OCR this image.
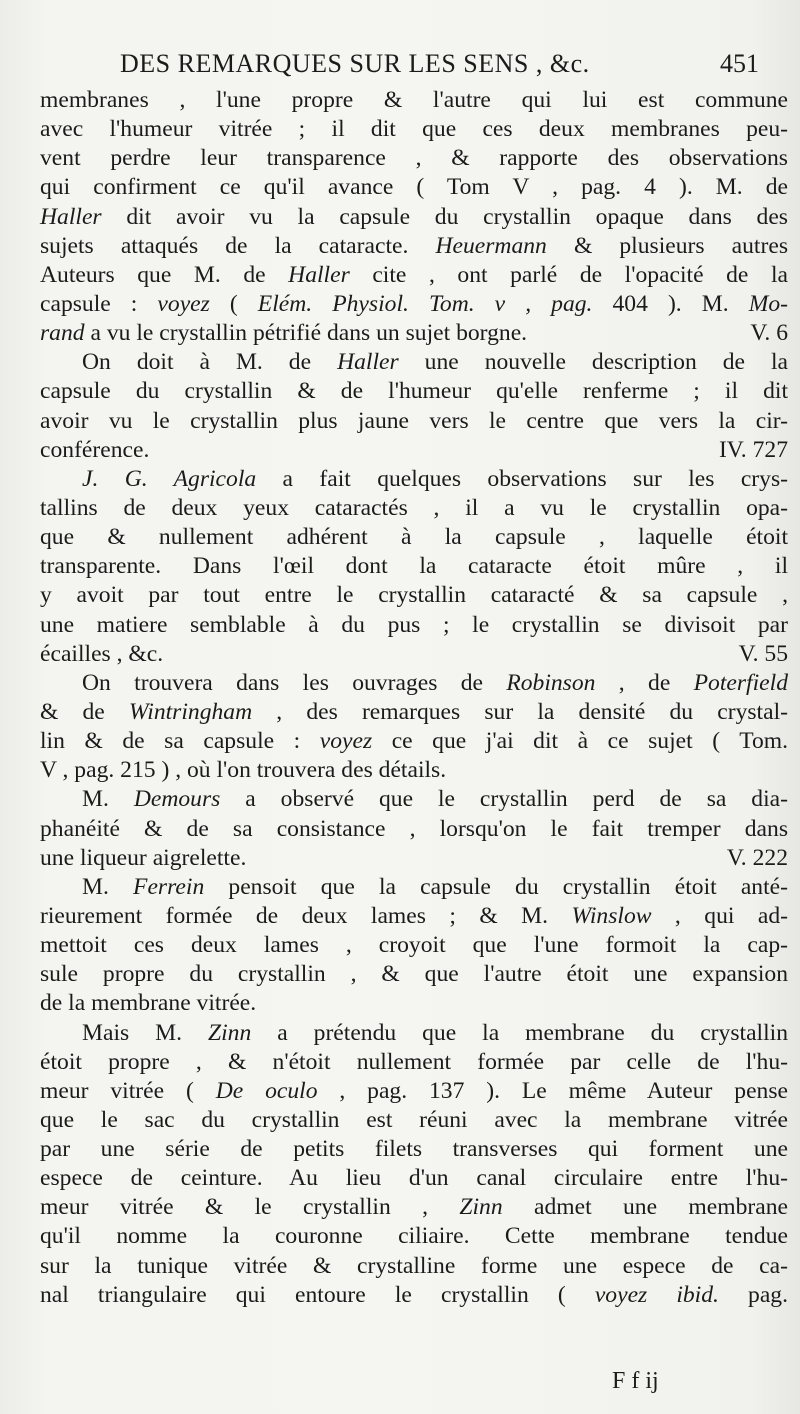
DES REMARQUES SUR LES SENS , &c.	451
membranes , l'une propre & l'autre qui lui est commune
avec l'humeur vitrée ; il dit que ces deux membranes peu-
vent perdre leur transparence , & rapporte des observations
qui confirment ce qu'il avance ( Tom V , pag. 4 ). M. de
Haller dit avoir vu la capsule du crystallin opaque dans des
sujets attaqués de la cataracte. Heuermann & plusieurs autres
Auteurs que M. de Haller cite , ont parlé de l'opacité de la
capsule : voyez ( Elém. Physiol. Tom. v , pag. 404 ). M. Mo-
rand a vu le crystallin pétrifié dans un sujet borgne.	V. 6
On doit à M. de Haller une nouvelle description de la
capsule du crystallin & de l'humeur qu'elle renferme ; il dit
avoir vu le crystallin plus jaune vers le centre que vers la cir-
conférence.	IV. 727
J. G. Agricola a fait quelques observations sur les crys-
tallins de deux yeux cataractés , il a vu le crystallin opa-
que & nullement adhérent à la capsule , laquelle étoit
transparente. Dans l'œil dont la cataracte étoit mûre , il
y avoit par tout entre le crystallin cataracté & sa capsule ,
une matiere semblable à du pus ; le crystallin se divisoit par
écailles , &c.	V. 55
On trouvera dans les ouvrages de Robinson , de Poterfield
& de Wintringham , des remarques sur la densité du crystal-
lin & de sa capsule : voyez ce que j'ai dit à ce sujet ( Tom.
V , pag. 215 ) , où l'on trouvera des détails.
M. Demours a observé que le crystallin perd de sa dia-
phanéité & de sa consistance , lorsqu'on le fait tremper dans
une liqueur aigrelette.	V. 222
M. Ferrein pensoit que la capsule du crystallin étoit anté-
rieurement formée de deux lames ; & M. Winslow , qui ad-
mettoit ces deux lames , croyoit que l'une formoit la cap-
sule propre du crystallin , & que l'autre étoit une expansion
de la membrane vitrée.
Mais M. Zinn a prétendu que la membrane du crystallin
étoit propre , & n'étoit nullement formée par celle de l'hu-
meur vitrée ( De oculo , pag. 137 ). Le même Auteur pense
que le sac du crystallin est réuni avec la membrane vitrée
par une série de petits filets transverses qui forment une
espece de ceinture. Au lieu d'un canal circulaire entre l'hu-
meur vitrée & le crystallin , Zinn admet une membrane
qu'il nomme la couronne ciliaire. Cette membrane tendue
sur la tunique vitrée & crystalline forme une espece de ca-
nal triangulaire qui entoure le crystallin ( voyez ibid. pag.
F f ij
